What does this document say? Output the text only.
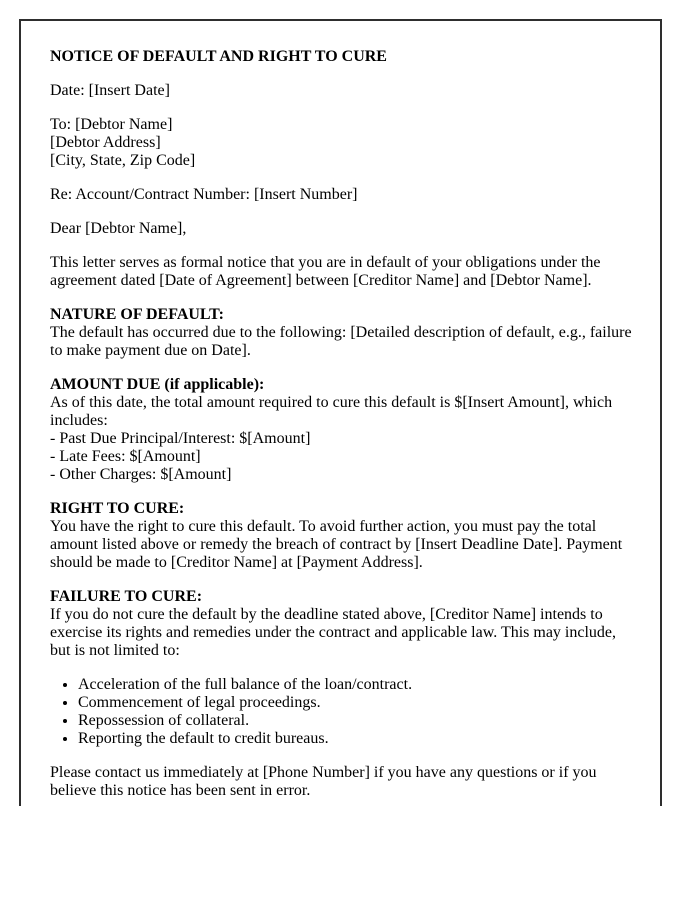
NOTICE OF DEFAULT AND RIGHT TO CURE

Date: [Insert Date]

To: [Debtor Name]
[Debtor Address]
[City, State, Zip Code]

Re: Account/Contract Number: [Insert Number]

Dear [Debtor Name],

This letter serves as formal notice that you are in default of your obligations under the agreement dated [Date of Agreement] between [Creditor Name] and [Debtor Name].

NATURE OF DEFAULT:
The default has occurred due to the following: [Detailed description of default, e.g., failure to make payment due on Date].

AMOUNT DUE (if applicable):
As of this date, the total amount required to cure this default is $[Insert Amount], which includes:
- Past Due Principal/Interest: $[Amount]
- Late Fees: $[Amount]
- Other Charges: $[Amount]

RIGHT TO CURE:
You have the right to cure this default. To avoid further action, you must pay the total amount listed above or remedy the breach of contract by [Insert Deadline Date]. Payment should be made to [Creditor Name] at [Payment Address].

FAILURE TO CURE:
If you do not cure the default by the deadline stated above, [Creditor Name] intends to exercise its rights and remedies under the contract and applicable law. This may include, but is not limited to:

• Acceleration of the full balance of the loan/contract.
• Commencement of legal proceedings.
• Repossession of collateral.
• Reporting the default to credit bureaus.

Please contact us immediately at [Phone Number] if you have any questions or if you believe this notice has been sent in error.
